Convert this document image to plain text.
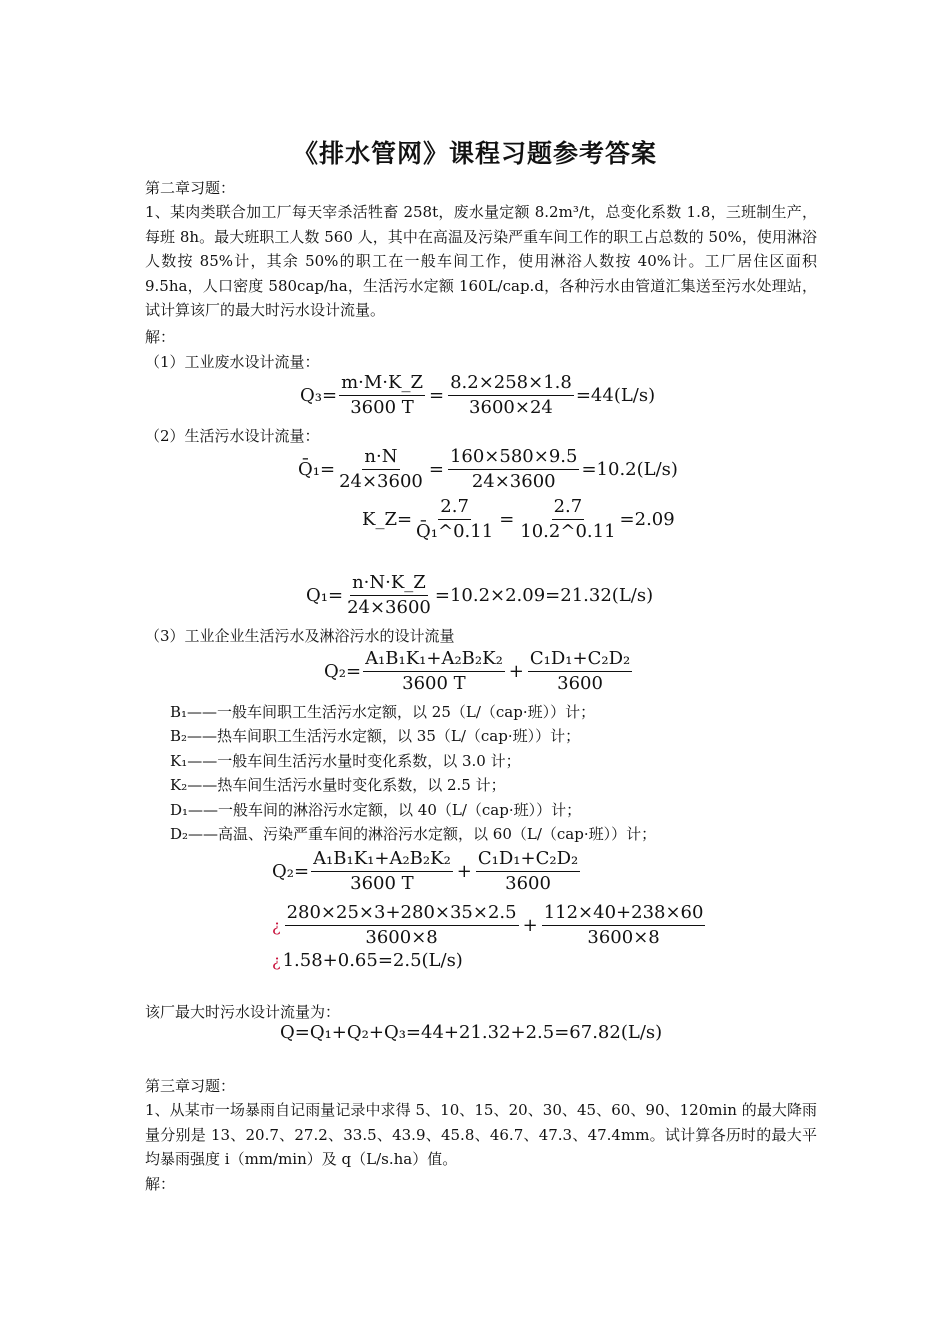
《排水管网》课程习题参考答案
第二章习题：
1、某肉类联合加工厂每天宰杀活牲畜 258t，废水量定额 8.2m³/t，总变化系数 1.8，三班制生产，每班 8h。最大班职工人数 560 人，其中在高温及污染严重车间工作的职工占总数的 50%，使用淋浴人数按 85%计，其余 50%的职工在一般车间工作，使用淋浴人数按 40%计。工厂居住区面积 9.5ha，人口密度 580cap/ha，生活污水定额 160L/cap.d，各种污水由管道汇集送至污水处理站，试计算该厂的最大时污水设计流量。
解：
（1）工业废水设计流量：
$Q_3= \frac{m\cdot M\cdot K\_Z}{3600 T} = \frac{8.2\times 258\times 1.8}{3600\times 24} =44(L/s)$
（2）生活污水设计流量：
Q̄₁= $\frac{n\cdot N}{24\times 3600} = \frac{160\times 580\times 9.5}{24\times 3600} =10.2(L/s)$
K_Z= $\frac{2.7}{\text{Q̄₁\textasciicircum{}0.11}} = \frac{2.7}{10.2\^{}0.11} =2.09$
$Q_1= \frac{n\cdot N\cdot K\_Z}{24\times 3600} =10.2\times 2.09=21.32(L/s)$
（3）工业企业生活污水及淋浴污水的设计流量
$Q_2= \frac{\text{A₁B₁K₁+A₂B₂K₂}}{3600 T} + \frac{\text{C₁D₁+C₂D₂}}{3600}$
B₁——一般车间职工生活污水定额，以 25（L/（cap·班））计；
B₂——热车间职工生活污水定额，以 35（L/（cap·班））计；
K₁——一般车间生活污水量时变化系数，以 3.0 计；
K₂——热车间生活污水量时变化系数，以 2.5 计；
D₁——一般车间的淋浴污水定额，以 40（L/（cap·班））计；
D₂——高温、污染严重车间的淋浴污水定额，以 60（L/（cap·班））计；
$Q_2= \frac{\text{A₁B₁K₁+A₂B₂K₂}}{3600 T} + \frac{\text{C₁D₁+C₂D₂}}{3600}$
¿ $\frac{280\times 25\times 3+280\times 35\times 2.5}{3600\times 8} + \frac{112\times 40+238\times 60}{3600\times 8}$
¿ 1.58+0.65=2.5(L/s)
该厂最大时污水设计流量为：
Q=Q₁+Q₂+Q₃=44+21.32+2.5=67.82(L/s)
第三章习题：
1、从某市一场暴雨自记雨量记录中求得 5、10、15、20、30、45、60、90、120min 的最大降雨量分别是 13、20.7、27.2、33.5、43.9、45.8、46.7、47.3、47.4mm。试计算各历时的最大平均暴雨强度 i（mm/min）及 q（L/s.ha）值。
解：
